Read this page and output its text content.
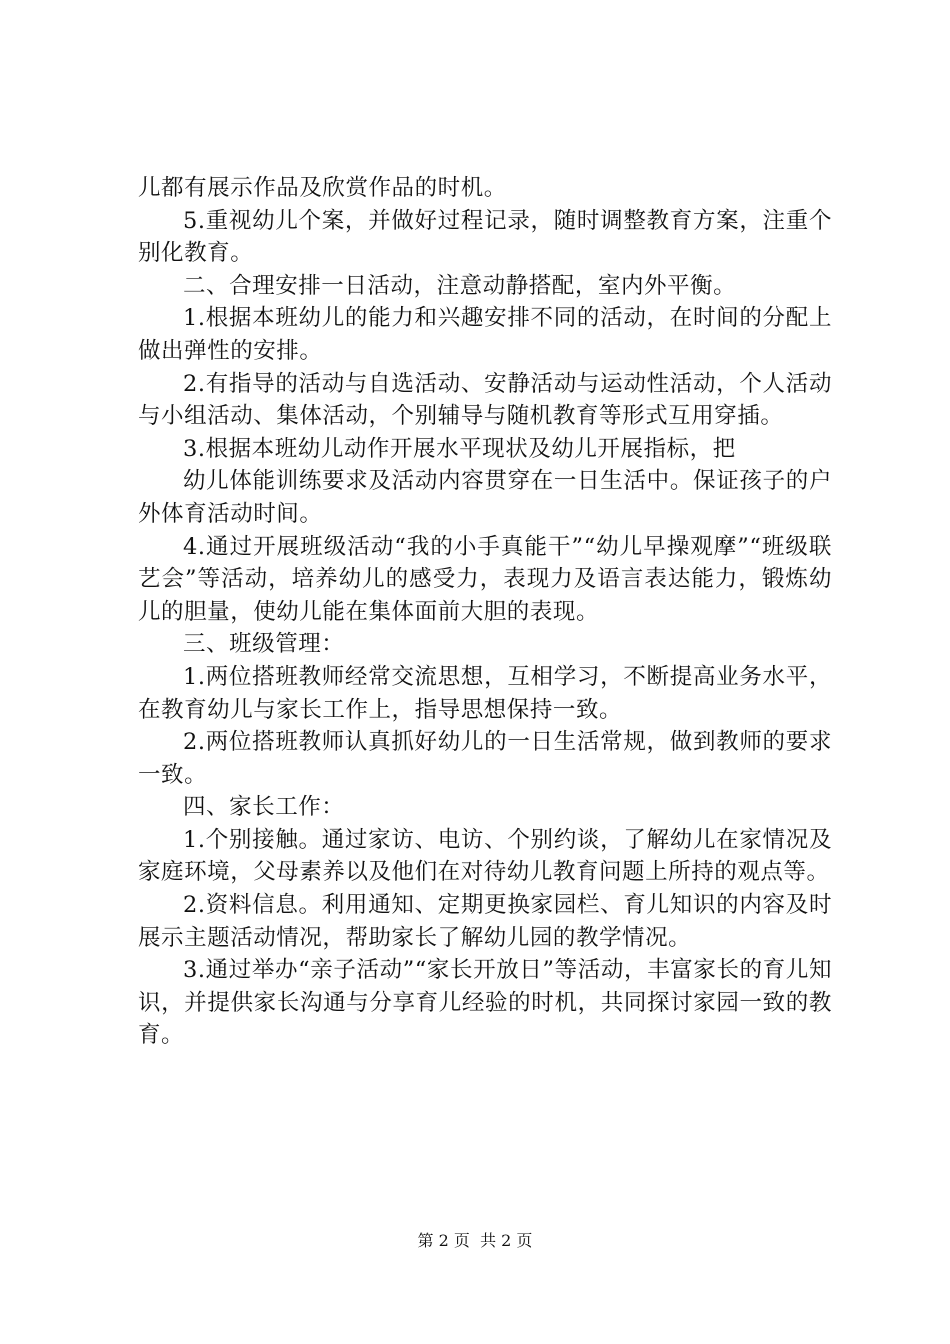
儿都有展示作品及欣赏作品的时机。

5.重视幼儿个案，并做好过程记录，随时调整教育方案，注重个别化教育。

二、合理安排一日活动，注意动静搭配，室内外平衡。

1.根据本班幼儿的能力和兴趣安排不同的活动，在时间的分配上做出弹性的安排。

2.有指导的活动与自选活动、安静活动与运动性活动，个人活动与小组活动、集体活动，个别辅导与随机教育等形式互用穿插。

3.根据本班幼儿动作开展水平现状及幼儿开展指标，把

幼儿体能训练要求及活动内容贯穿在一日生活中。保证孩子的户外体育活动时间。

4.通过开展班级活动“我的小手真能干”“幼儿早操观摩”“班级联艺会”等活动，培养幼儿的感受力，表现力及语言表达能力，锻炼幼儿的胆量，使幼儿能在集体面前大胆的表现。

三、班级管理：

1.两位搭班教师经常交流思想，互相学习，不断提高业务水平，在教育幼儿与家长工作上，指导思想保持一致。

2.两位搭班教师认真抓好幼儿的一日生活常规，做到教师的要求一致。

四、家长工作：

1.个别接触。通过家访、电访、个别约谈，了解幼儿在家情况及家庭环境，父母素养以及他们在对待幼儿教育问题上所持的观点等。

2.资料信息。利用通知、定期更换家园栏、育儿知识的内容及时展示主题活动情况，帮助家长了解幼儿园的教学情况。

3.通过举办“亲子活动”“家长开放日”等活动，丰富家长的育儿知识，并提供家长沟通与分享育儿经验的时机，共同探讨家园一致的教育。

第 2 页  共 2 页
